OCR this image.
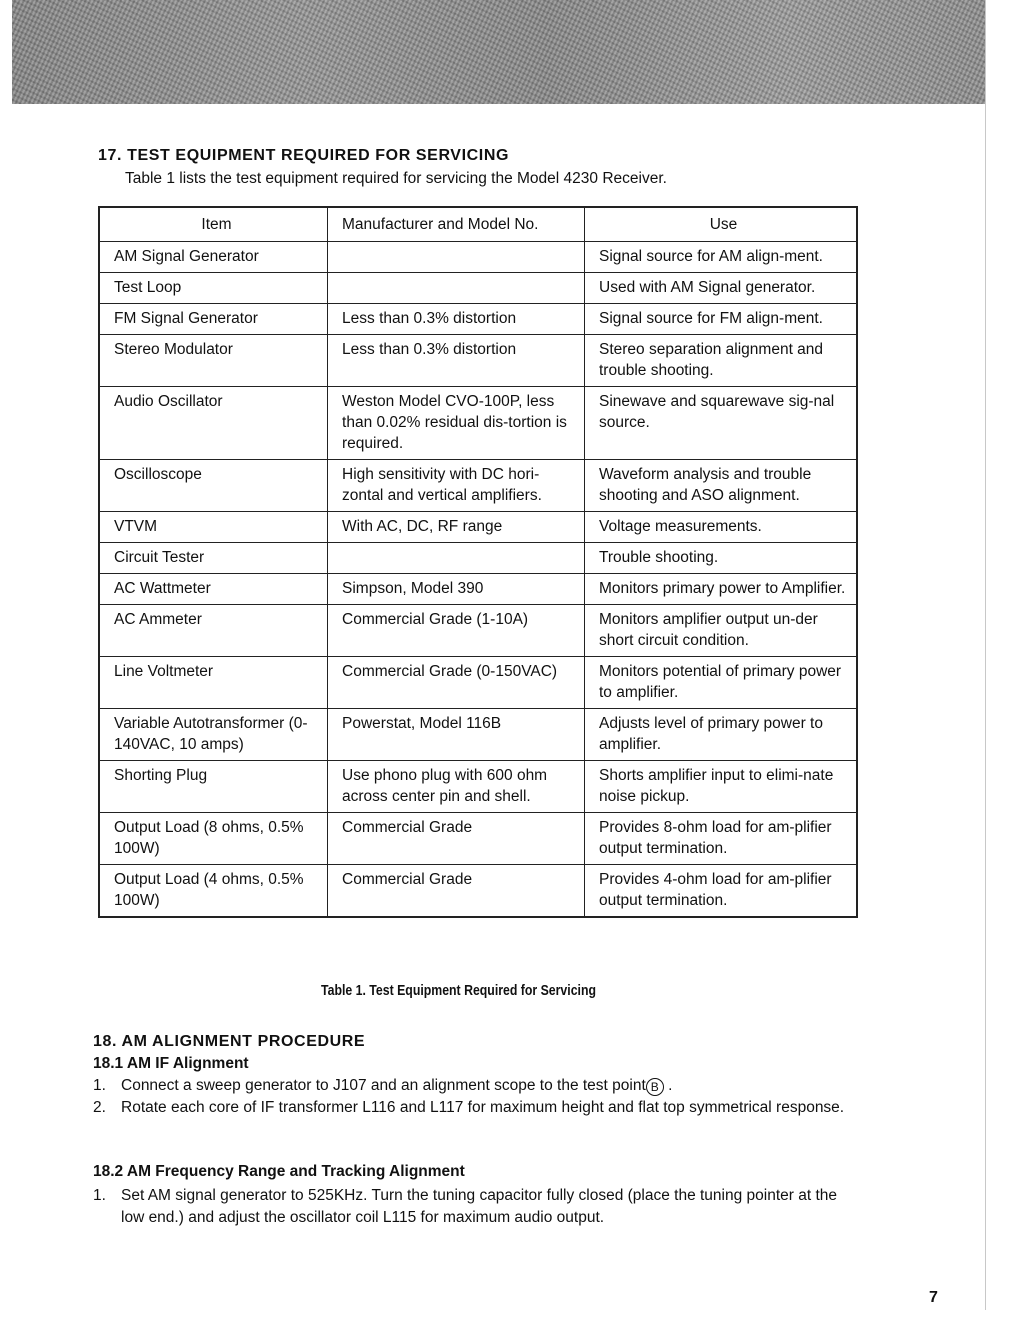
17. TEST EQUIPMENT REQUIRED FOR SERVICING
Table 1 lists the test equipment required for servicing the Model 4230 Receiver.
Item	Manufacturer and Model No.	Use
AM Signal Generator		Signal source for AM align-ment.
Test Loop		Used with AM Signal generator.
FM Signal Generator	Less than 0.3% distortion	Signal source for FM align-ment.
Stereo Modulator	Less than 0.3% distortion	Stereo separation alignment and trouble shooting.
Audio Oscillator	Weston Model CVO-100P, less than 0.02% residual dis-tortion is required.	Sinewave and squarewave sig-nal source.
Oscilloscope	High sensitivity with DC hori-zontal and vertical amplifiers.	Waveform analysis and trouble shooting and ASO alignment.
VTVM	With AC, DC, RF range	Voltage measurements.
Circuit Tester		Trouble shooting.
AC Wattmeter	Simpson, Model 390	Monitors primary power to Amplifier.
AC Ammeter	Commercial Grade (1-10A)	Monitors amplifier output un-der short circuit condition.
Line Voltmeter	Commercial Grade (0-150VAC)	Monitors potential of primary power to amplifier.
Variable Autotransformer (0-140VAC, 10 amps)	Powerstat, Model 116B	Adjusts level of primary power to amplifier.
Shorting Plug	Use phono plug with 600 ohm across center pin and shell.	Shorts amplifier input to elimi-nate noise pickup.
Output Load (8 ohms, 0.5% 100W)	Commercial Grade	Provides 8-ohm load for am-plifier output termination.
Output Load (4 ohms, 0.5% 100W)	Commercial Grade	Provides 4-ohm load for am-plifier output termination.
Table 1. Test Equipment Required for Servicing
18. AM ALIGNMENT PROCEDURE
18.1 AM IF Alignment
1. Connect a sweep generator to J107 and an alignment scope to the test point B .
2. Rotate each core of IF transformer L116 and L117 for maximum height and flat top symmetrical response.
18.2 AM Frequency Range and Tracking Alignment
1. Set AM signal generator to 525KHz. Turn the tuning capacitor fully closed (place the tuning pointer at the low end.) and adjust the oscillator coil L115 for maximum audio output.
7
